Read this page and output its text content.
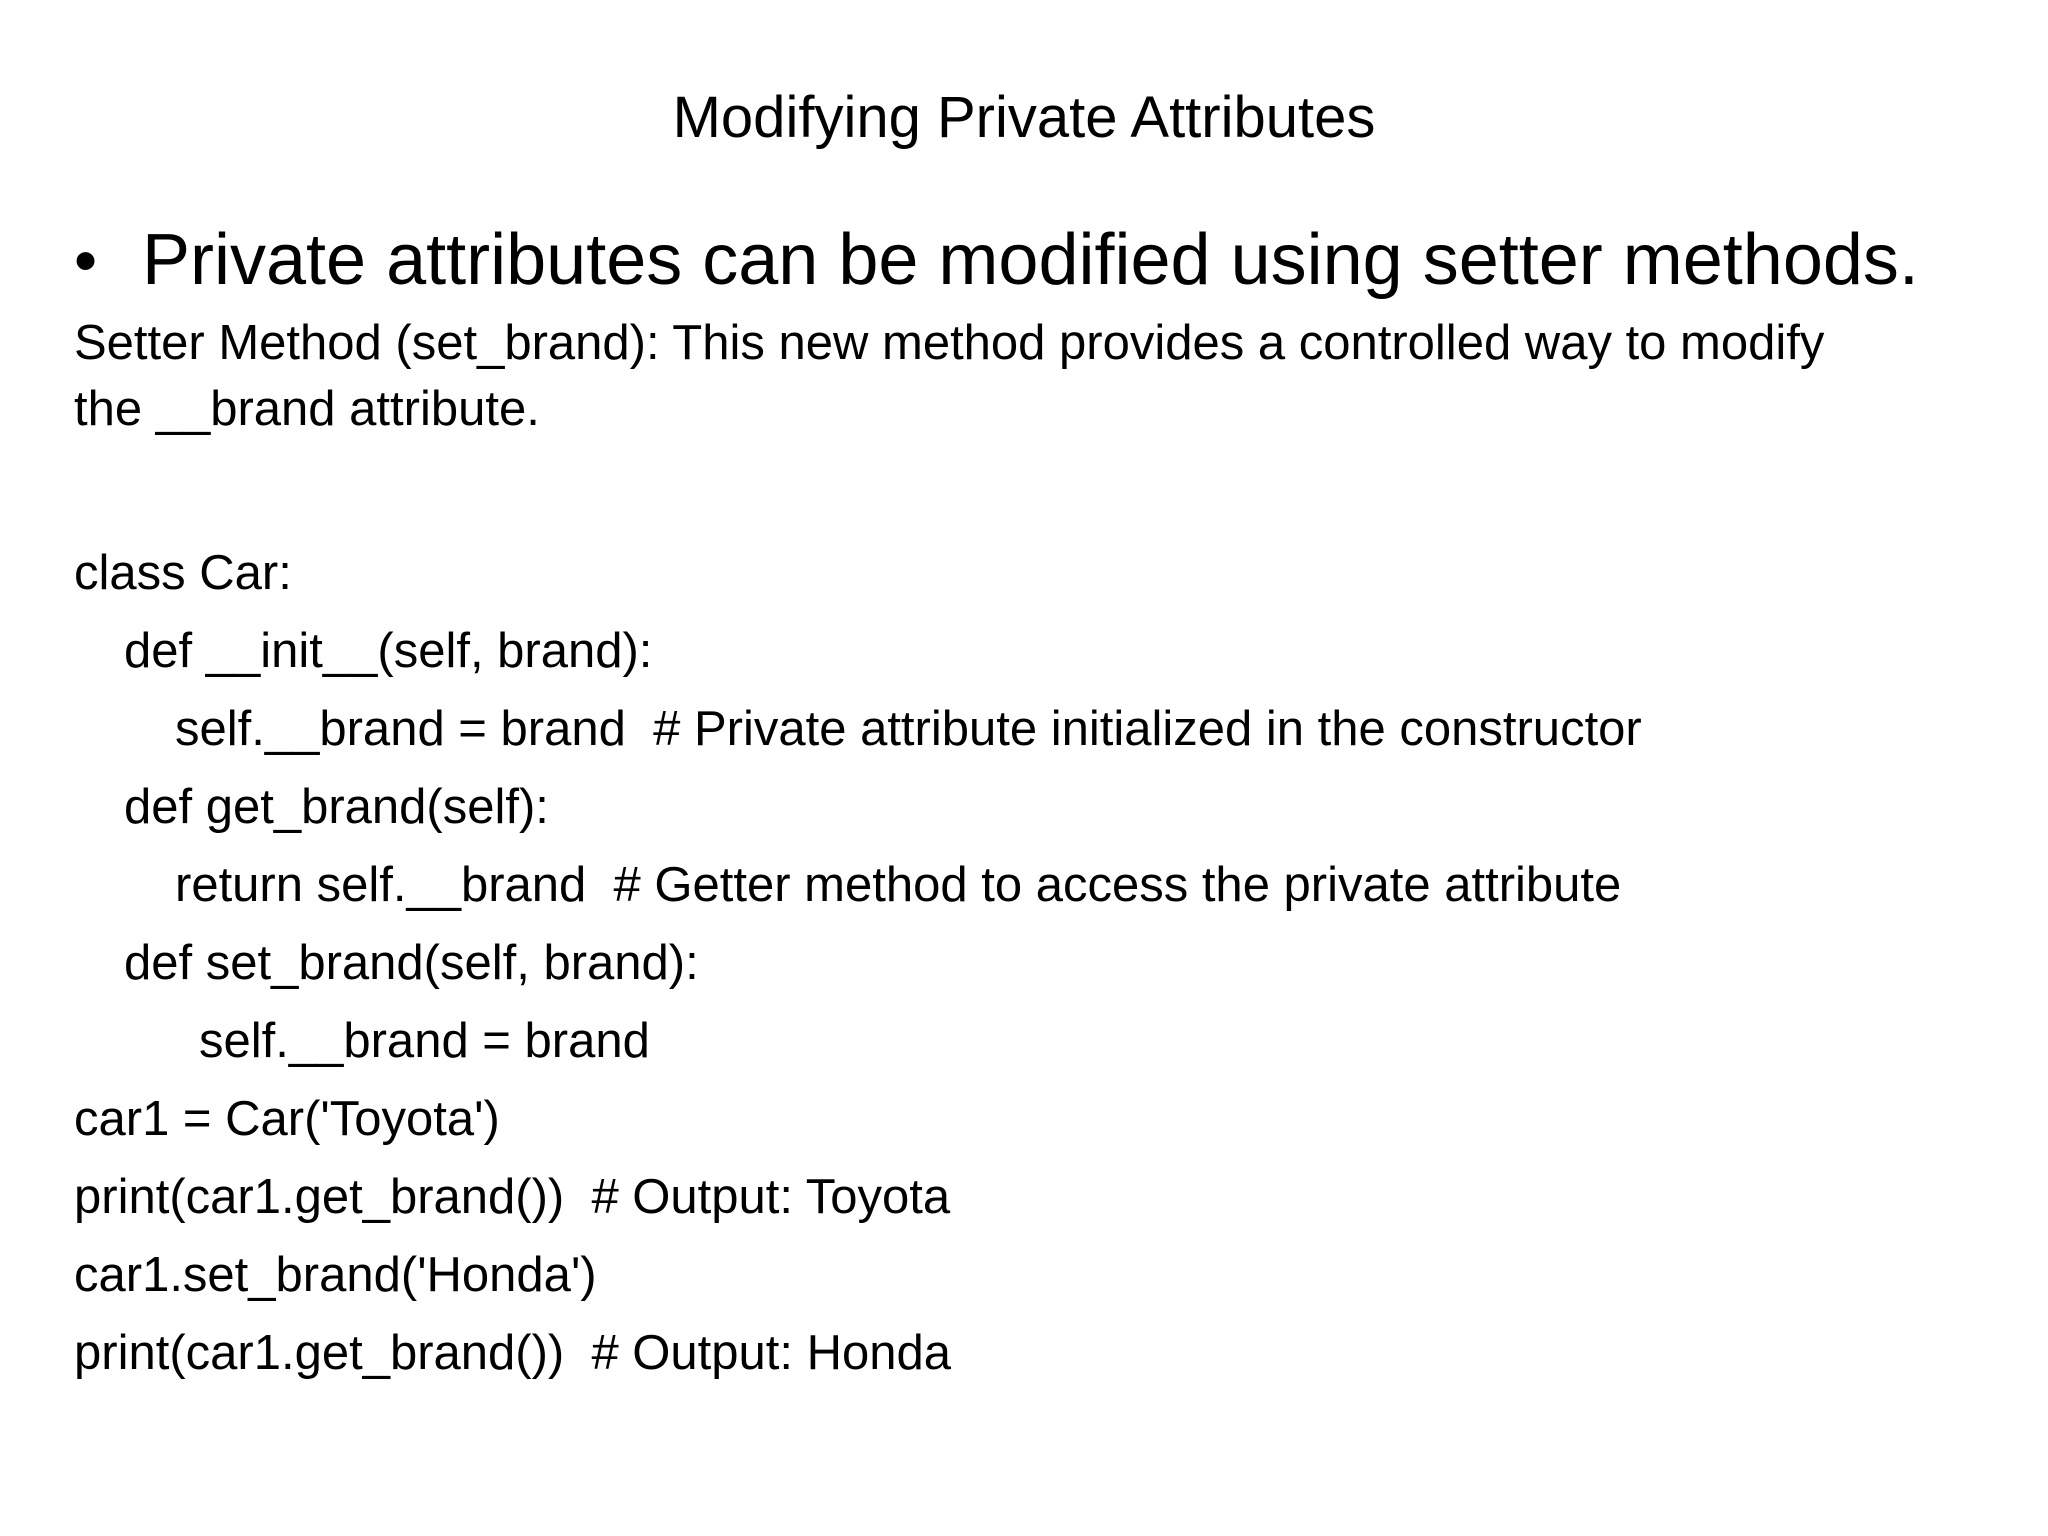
Modifying Private Attributes
• Private attributes can be modified using setter methods.
Setter Method (set_brand): This new method provides a controlled way to modify
the __brand attribute.
class Car:
def __init__(self, brand):
self.__brand = brand  # Private attribute initialized in the constructor
def get_brand(self):
return self.__brand  # Getter method to access the private attribute
def set_brand(self, brand):
self.__brand = brand
car1 = Car('Toyota')
print(car1.get_brand())  # Output: Toyota
car1.set_brand('Honda')
print(car1.get_brand())  # Output: Honda
